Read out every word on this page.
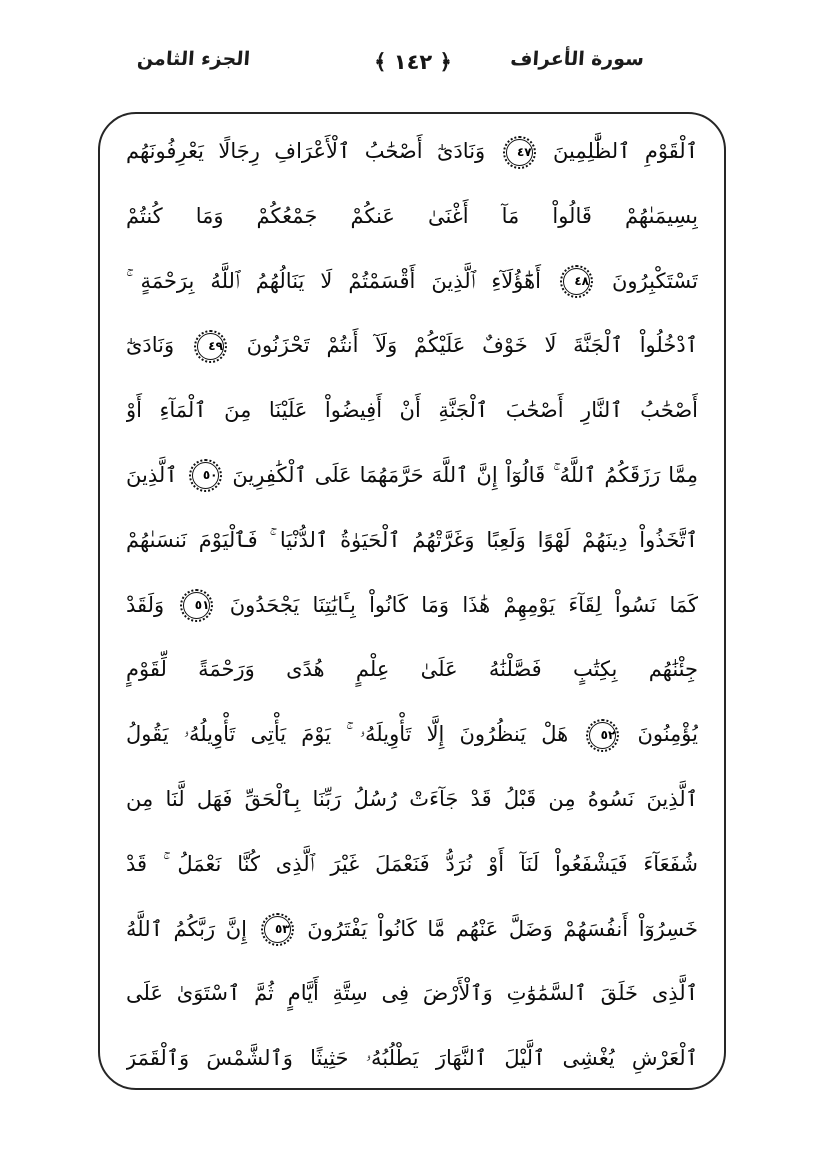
سورة الأعراف
﴿ ١٤٢ ﴾
الجزء الثامن
ٱلْقَوْمِ ٱلظَّٰلِمِينَ ٤٧ وَنَادَىٰٓ أَصْحَٰبُ ٱلْأَعْرَافِ رِجَالًا يَعْرِفُونَهُم
بِسِيمَىٰهُمْ قَالُواْ مَآ أَغْنَىٰ عَنكُمْ جَمْعُكُمْ وَمَا كُنتُمْ
تَسْتَكْبِرُونَ ٤٨ أَهَٰٓؤُلَآءِ ٱلَّذِينَ أَقْسَمْتُمْ لَا يَنَالُهُمُ ٱللَّهُ بِرَحْمَةٍ ۚ
ٱدْخُلُواْ ٱلْجَنَّةَ لَا خَوْفٌ عَلَيْكُمْ وَلَآ أَنتُمْ تَحْزَنُونَ ٤٩ وَنَادَىٰٓ
أَصْحَٰبُ ٱلنَّارِ أَصْحَٰبَ ٱلْجَنَّةِ أَنْ أَفِيضُواْ عَلَيْنَا مِنَ ٱلْمَآءِ أَوْ
مِمَّا رَزَقَكُمُ ٱللَّهُ ۚ قَالُوٓاْ إِنَّ ٱللَّهَ حَرَّمَهُمَا عَلَى ٱلْكَٰفِرِينَ ٥٠ ٱلَّذِينَ
ٱتَّخَذُواْ دِينَهُمْ لَهْوًا وَلَعِبًا وَغَرَّتْهُمُ ٱلْحَيَوٰةُ ٱلدُّنْيَا ۚ فَٱلْيَوْمَ نَنسَىٰهُمْ
كَمَا نَسُواْ لِقَآءَ يَوْمِهِمْ هَٰذَا وَمَا كَانُواْ بِـَٔايَٰتِنَا يَجْحَدُونَ ٥١ وَلَقَدْ
جِئْنَٰهُم بِكِتَٰبٍ فَصَّلْنَٰهُ عَلَىٰ عِلْمٍ هُدًى وَرَحْمَةً لِّقَوْمٍ
يُؤْمِنُونَ ٥٢ هَلْ يَنظُرُونَ إِلَّا تَأْوِيلَهُۥ ۚ يَوْمَ يَأْتِى تَأْوِيلُهُۥ يَقُولُ
ٱلَّذِينَ نَسُوهُ مِن قَبْلُ قَدْ جَآءَتْ رُسُلُ رَبِّنَا بِٱلْحَقِّ فَهَل لَّنَا مِن
شُفَعَآءَ فَيَشْفَعُواْ لَنَآ أَوْ نُرَدُّ فَنَعْمَلَ غَيْرَ ٱلَّذِى كُنَّا نَعْمَلُ ۚ قَدْ
خَسِرُوٓاْ أَنفُسَهُمْ وَضَلَّ عَنْهُم مَّا كَانُواْ يَفْتَرُونَ ٥٣ إِنَّ رَبَّكُمُ ٱللَّهُ
ٱلَّذِى خَلَقَ ٱلسَّمَٰوَٰتِ وَٱلْأَرْضَ فِى سِتَّةِ أَيَّامٍ ثُمَّ ٱسْتَوَىٰ عَلَى
ٱلْعَرْشِ يُغْشِى ٱلَّيْلَ ٱلنَّهَارَ يَطْلُبُهُۥ حَثِيثًا وَٱلشَّمْسَ وَٱلْقَمَرَ
